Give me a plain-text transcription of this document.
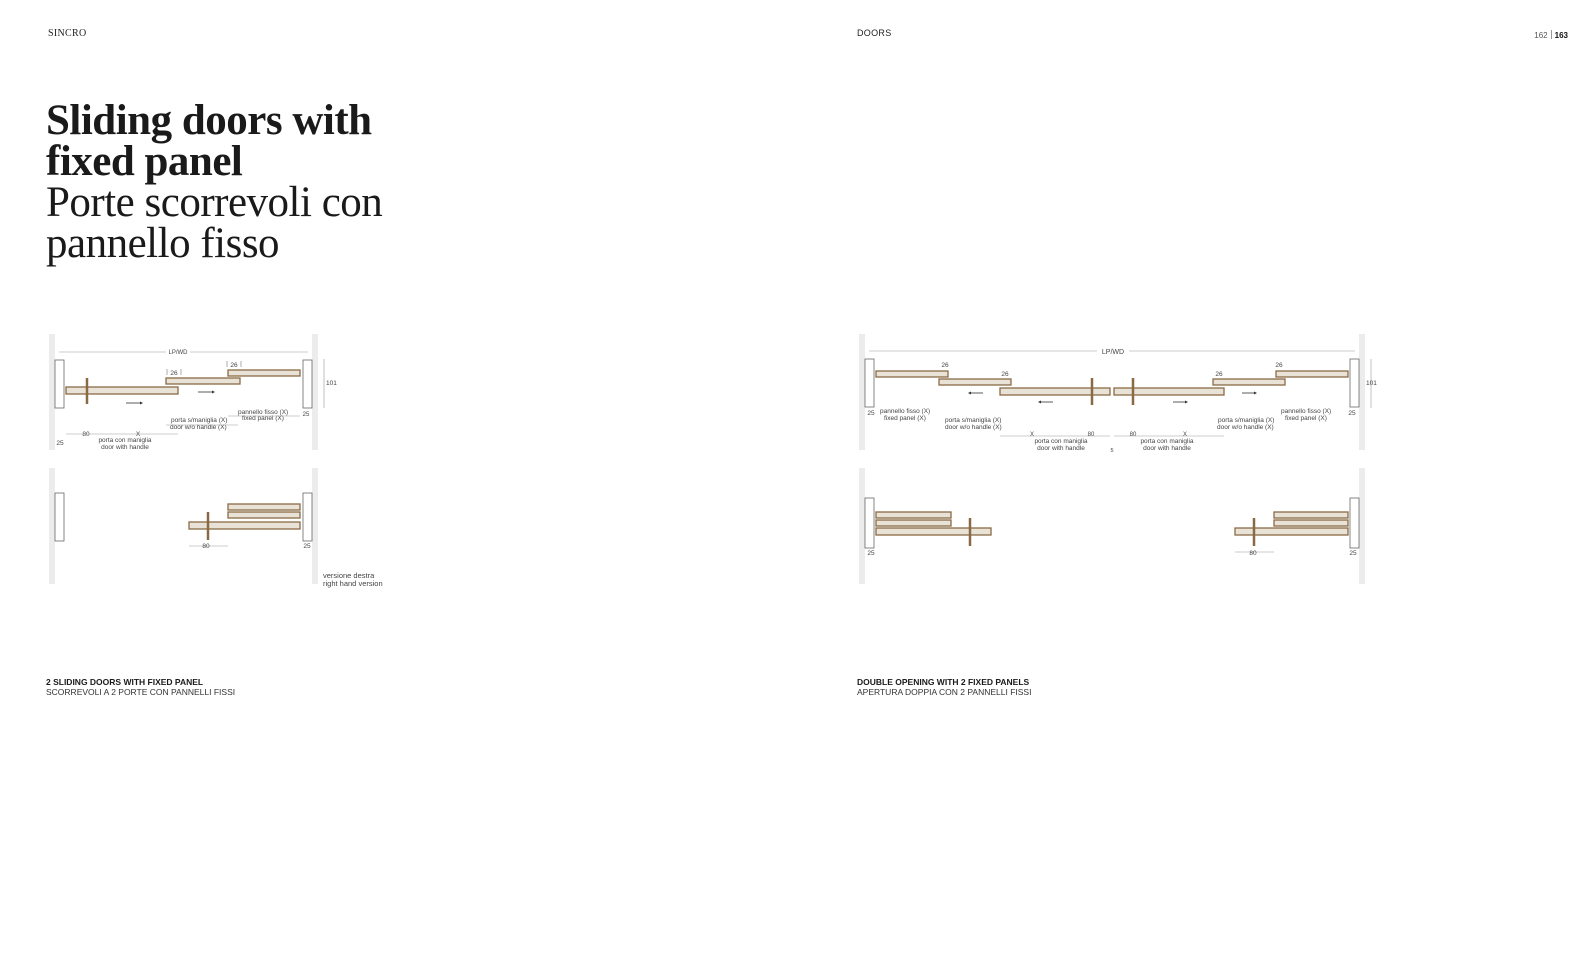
SINCRO	DOORS	162 163
Sliding doors with
fixed panel
Porte scorrevoli con
pannello fisso
LP/WD
26
26
101
pannello fisso (X)
fixed panel (X)
porta s/maniglia (X)
door w/o handle (X)
80	X
25
25
porta con maniglia
door with handle
80	25
versione destra
right hand version
LP/WD
26
26	26
26
101
25 pannello fisso (X)
fixed panel (X)	porta s/maniglia (X)
door w/o handle (X)
X	80
porta con maniglia
door with handle	5
80	X
porta con maniglia
door with handle
porta s/maniglia (X)
door w/o handle (X)
pannello fisso (X)
fixed panel (X)
25
25	80	25
2 SLIDING DOORS WITH FIXED PANEL
SCORREVOLI A 2 PORTE CON PANNELLI FISSI
DOUBLE OPENING WITH 2 FIXED PANELS
APERTURA DOPPIA CON 2 PANNELLI FISSI
